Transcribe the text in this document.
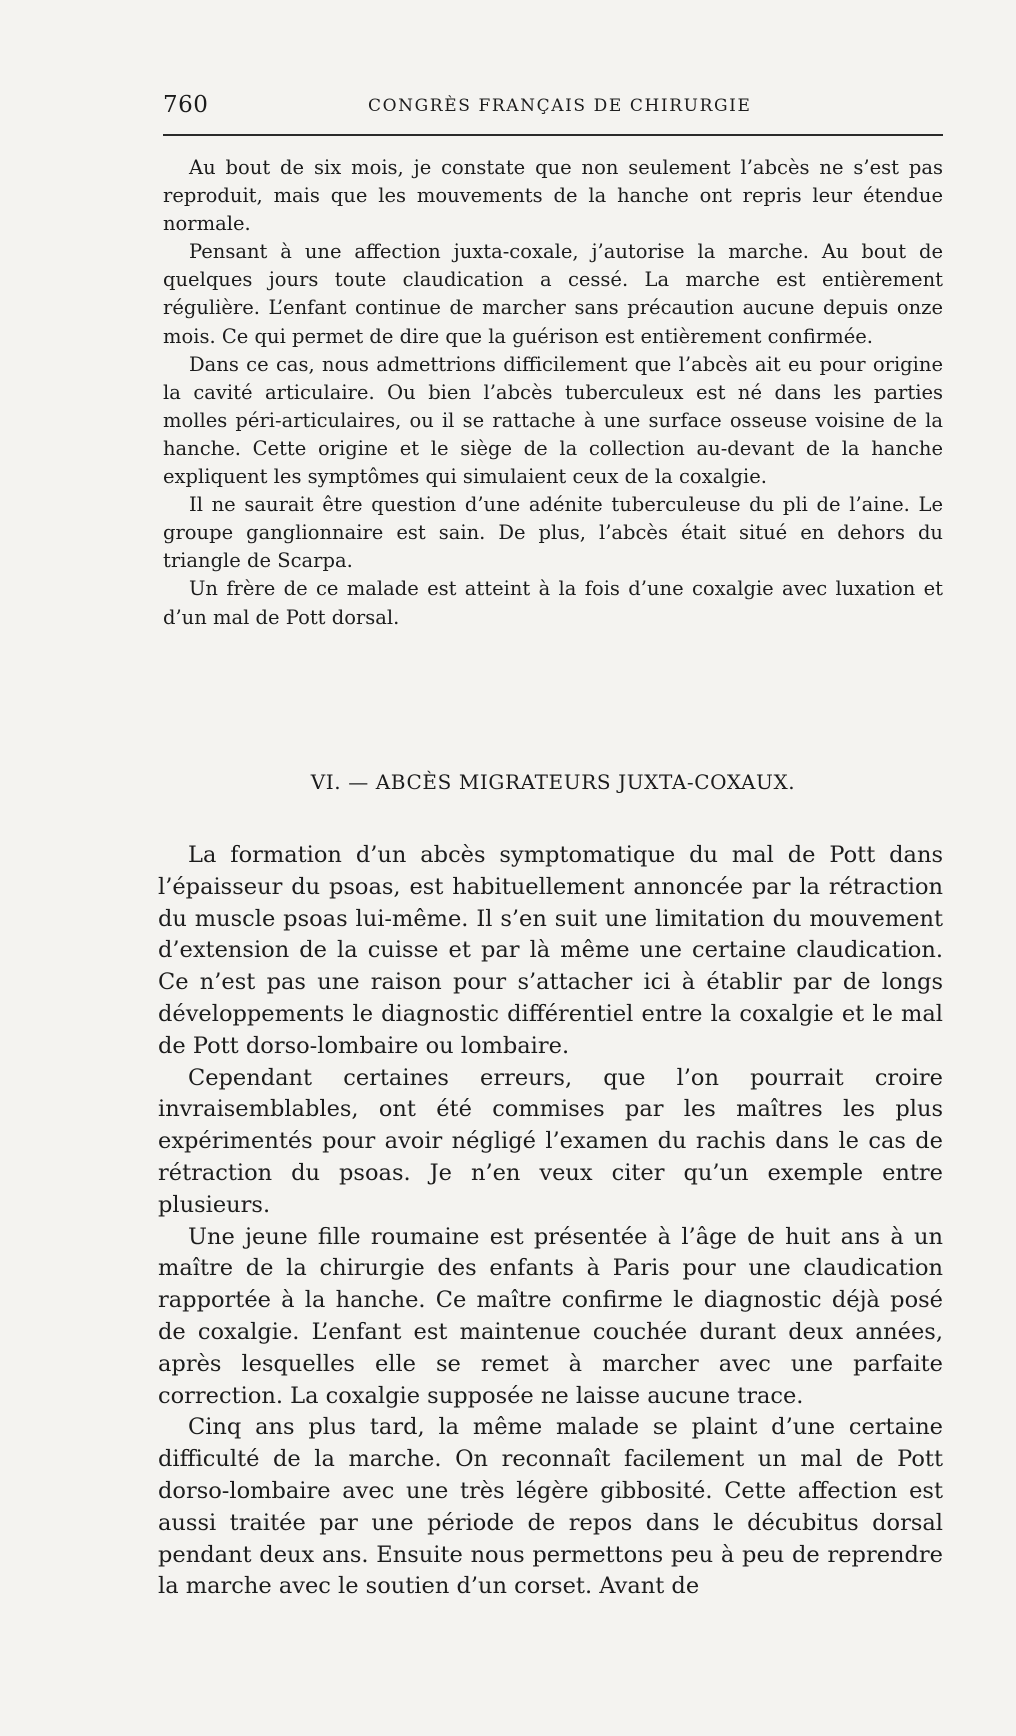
760	CONGRÈS FRANÇAIS DE CHIRURGIE

Au bout de six mois, je constate que non seulement l’abcès ne s’est pas reproduit, mais que les mouvements de la hanche ont repris leur étendue normale.

Pensant à une affection juxta-coxale, j’autorise la marche. Au bout de quelques jours toute claudication a cessé. La marche est entièrement régulière. L’enfant continue de marcher sans précaution aucune depuis onze mois. Ce qui permet de dire que la guérison est entièrement confirmée.

Dans ce cas, nous admettrions difficilement que l’abcès ait eu pour origine la cavité articulaire. Ou bien l’abcès tuberculeux est né dans les parties molles péri-articulaires, ou il se rattache à une surface osseuse voisine de la hanche. Cette origine et le siège de la collection au-devant de la hanche expliquent les symptômes qui simulaient ceux de la coxalgie.

Il ne saurait être question d’une adénite tuberculeuse du pli de l’aine. Le groupe ganglionnaire est sain. De plus, l’abcès était situé en dehors du triangle de Scarpa.

Un frère de ce malade est atteint à la fois d’une coxalgie avec luxation et d’un mal de Pott dorsal.

VI. — ABCÈS MIGRATEURS JUXTA-COXAUX.

La formation d’un abcès symptomatique du mal de Pott dans l’épaisseur du psoas, est habituellement annoncée par la rétraction du muscle psoas lui-même. Il s’en suit une limitation du mouvement d’extension de la cuisse et par là même une certaine claudication. Ce n’est pas une raison pour s’attacher ici à établir par de longs développements le diagnostic différentiel entre la coxalgie et le mal de Pott dorso-lombaire ou lombaire.

Cependant certaines erreurs, que l’on pourrait croire invraisemblables, ont été commises par les maîtres les plus expérimentés pour avoir négligé l’examen du rachis dans le cas de rétraction du psoas. Je n’en veux citer qu’un exemple entre plusieurs.

Une jeune fille roumaine est présentée à l’âge de huit ans à un maître de la chirurgie des enfants à Paris pour une claudication rapportée à la hanche. Ce maître confirme le diagnostic déjà posé de coxalgie. L’enfant est maintenue couchée durant deux années, après lesquelles elle se remet à marcher avec une parfaite correction. La coxalgie supposée ne laisse aucune trace.

Cinq ans plus tard, la même malade se plaint d’une certaine difficulté de la marche. On reconnaît facilement un mal de Pott dorso-lombaire avec une très légère gibbosité. Cette affection est aussi traitée par une période de repos dans le décubitus dorsal pendant deux ans. Ensuite nous permettons peu à peu de reprendre la marche avec le soutien d’un corset. Avant de
